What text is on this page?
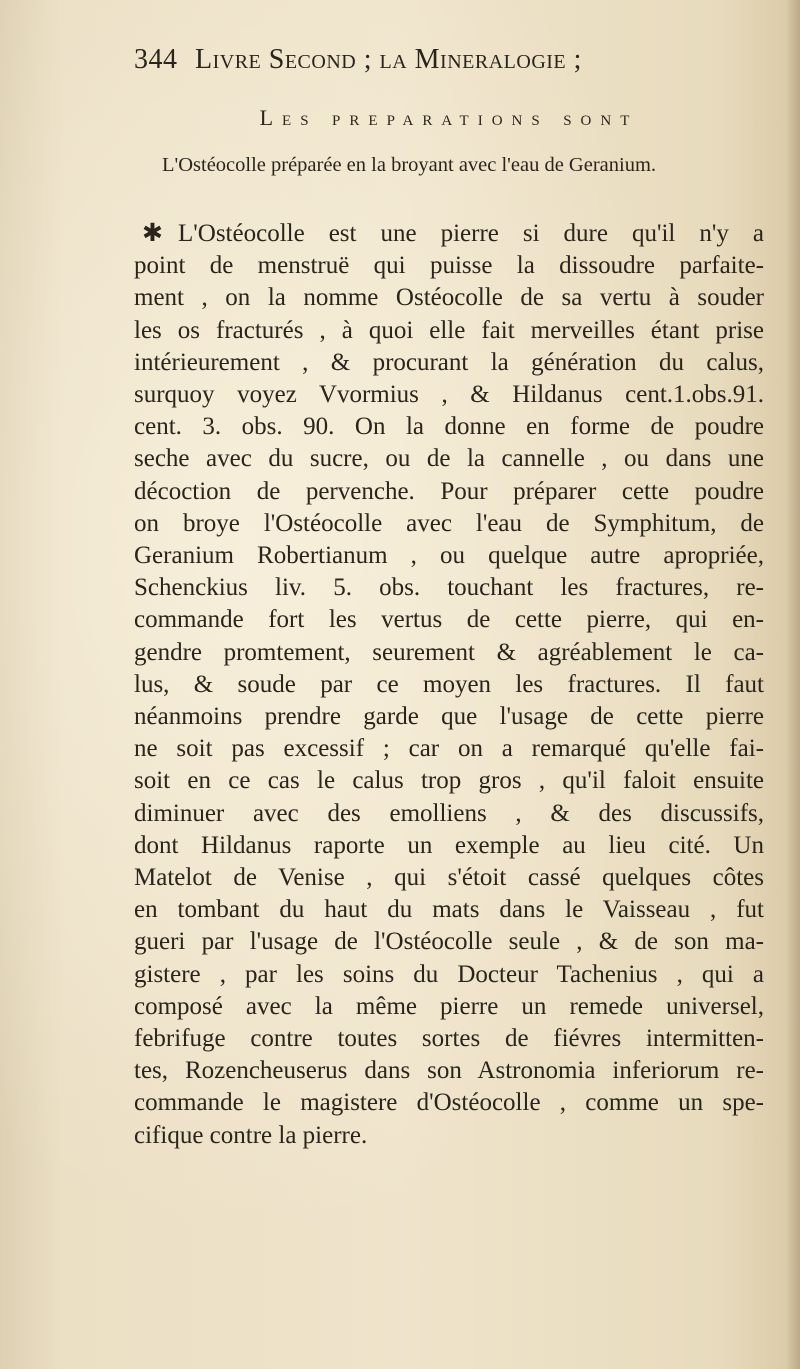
344 Livre Second ; la Mineralogie ;
Les preparations sont
L'Ostéocolle préparée en la broyant avec l'eau de Geranium.
✱ L'Ostéocolle est une pierre si dure qu'il n'y a
point de menstruë qui puisse la dissoudre parfaite-
ment , on la nomme Ostéocolle de sa vertu à souder
les os fracturés , à quoi elle fait merveilles étant prise
intérieurement , & procurant la génération du calus,
surquoy voyez Vvormius , & Hildanus cent.1.obs.91.
cent. 3. obs. 90. On la donne en forme de poudre
seche avec du sucre, ou de la cannelle , ou dans une
décoction de pervenche. Pour préparer cette poudre
on broye l'Ostéocolle avec l'eau de Symphitum, de
Geranium Robertianum , ou quelque autre apropriée,
Schenckius liv. 5. obs. touchant les fractures, re-
commande fort les vertus de cette pierre, qui en-
gendre promtement, seurement & agréablement le ca-
lus, & soude par ce moyen les fractures. Il faut
néanmoins prendre garde que l'usage de cette pierre
ne soit pas excessif ; car on a remarqué qu'elle fai-
soit en ce cas le calus trop gros , qu'il faloit ensuite
diminuer avec des emolliens , & des discussifs,
dont Hildanus raporte un exemple au lieu cité. Un
Matelot de Venise , qui s'étoit cassé quelques côtes
en tombant du haut du mats dans le Vaisseau , fut
gueri par l'usage de l'Ostéocolle seule , & de son ma-
gistere , par les soins du Docteur Tachenius , qui a
composé avec la même pierre un remede universel,
febrifuge contre toutes sortes de fiévres intermitten-
tes, Rozencheuserus dans son Astronomia inferiorum re-
commande le magistere d'Ostéocolle , comme un spe-
cifique contre la pierre.
